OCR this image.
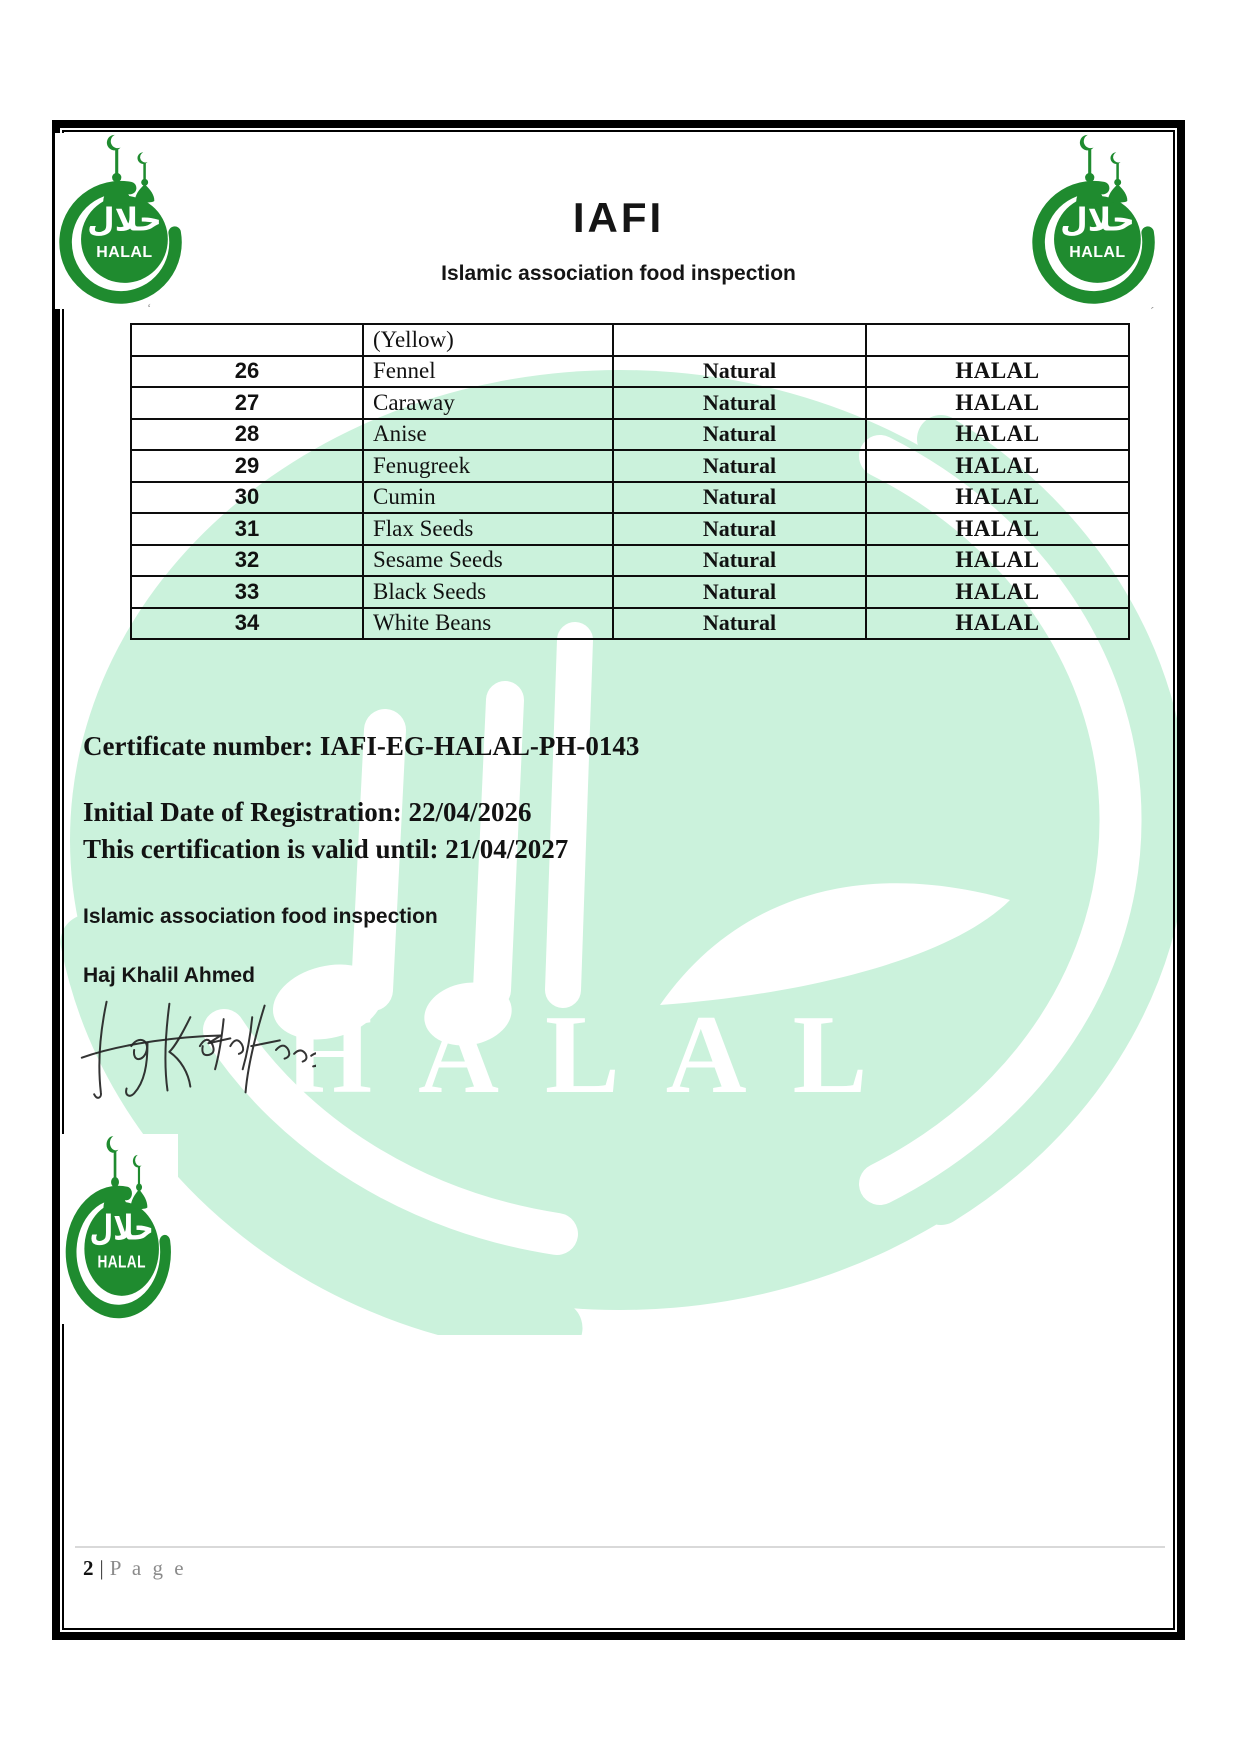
HALAL
حلال
HALAL
حلال
HALAL
IAFI
Islamic association food inspection
	(Yellow)		
26	Fennel	Natural	HALAL
27	Caraway	Natural	HALAL
28	Anise	Natural	HALAL
29	Fenugreek	Natural	HALAL
30	Cumin	Natural	HALAL
31	Flax Seeds	Natural	HALAL
32	Sesame Seeds	Natural	HALAL
33	Black Seeds	Natural	HALAL
34	White Beans	Natural	HALAL
Certificate number: IAFI-EG-HALAL-PH-0143
Initial Date of Registration: 22/04/2026
This certification is valid until: 21/04/2027
Islamic association food inspection
Haj Khalil Ahmed
حلال
HALAL
2 | P a g e
‘	´
